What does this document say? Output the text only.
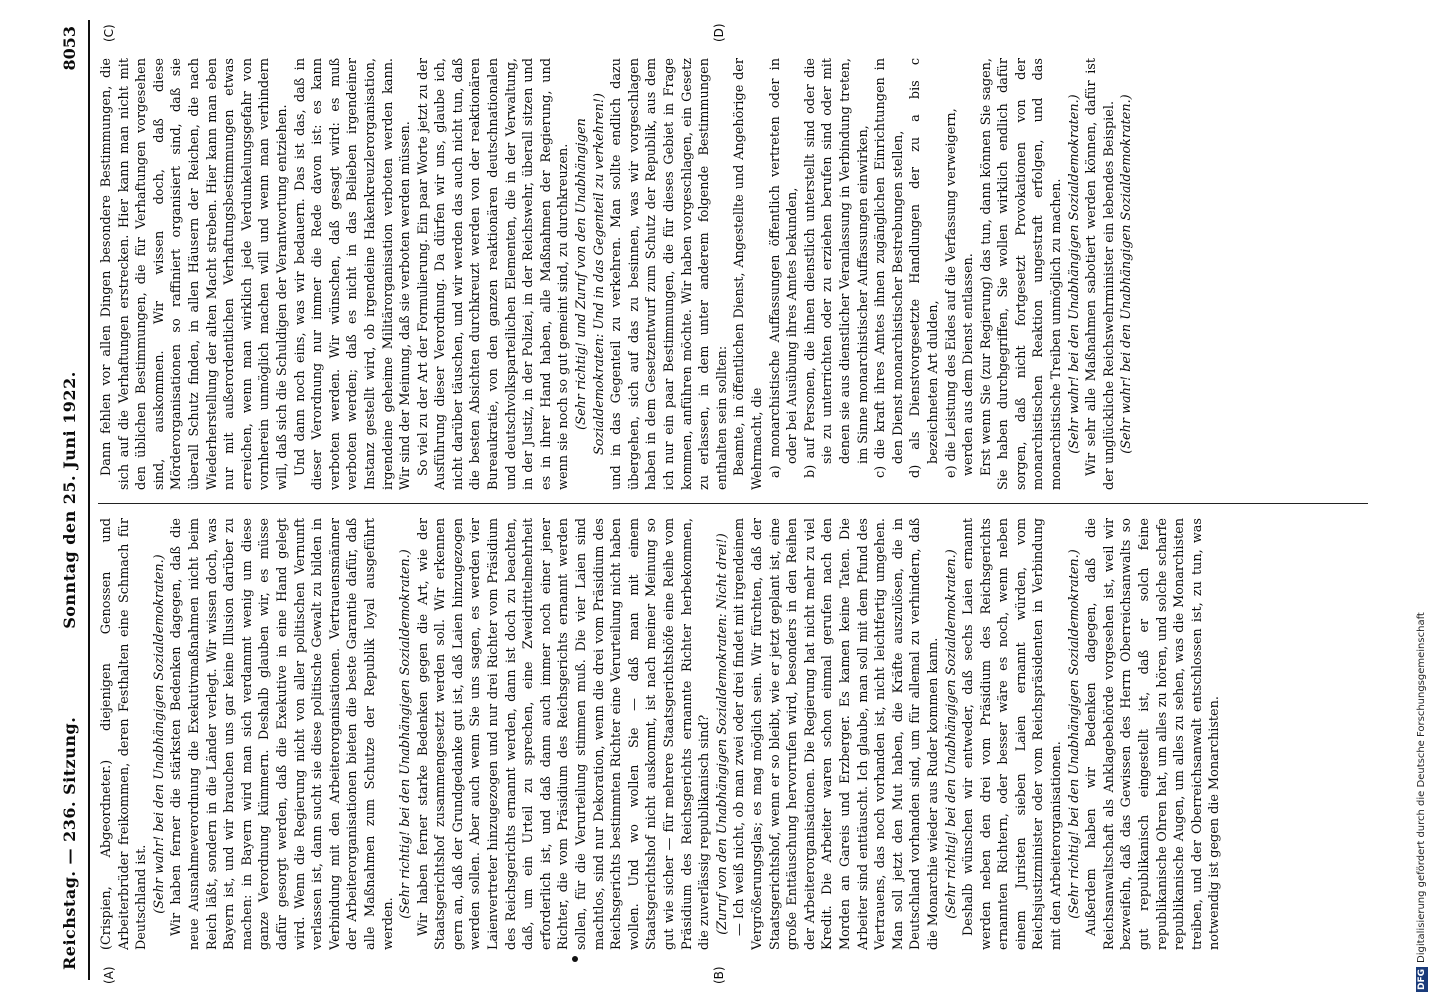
Reichstag. — 236. Sitzung.
Sonntag den 25. Juni 1922.
8053
(A)	(B)
(C)	(D)

(Crispien, Abgeordneter.) diejenigen Genossen und Arbeiterbrüder freikommen, deren Festhalten eine Schmach für Deutschland ist. (Sehr wahr! bei den Unabhängigen Sozialdemokraten.) Wir haben ferner die stärksten Bedenken dagegen, daß die neue Ausnahmeverordnung die Exekutivmaßnahmen nicht beim Reich läßt, sondern in die Länder verlegt. Wir wissen doch, was Bayern ist, und wir brauchen uns gar keine Illusion darüber zu machen: in Bayern wird man sich verdammt wenig um diese ganze Verordnung kümmern. Deshalb glauben wir, es müsse dafür gesorgt werden, daß die Exekutive in eine Hand gelegt wird. Wenn die Regierung nicht von aller politischen Vernunft verlassen ist, dann sucht sie diese politische Gewalt zu bilden in Verbindung mit den Arbeiterorganisationen. Vertrauensmänner der Arbeiterorganisationen bieten die beste Garantie dafür, daß alle Maßnahmen zum Schutze der Republik loyal ausgeführt werden.

(Sehr richtig! bei den Unabhängigen Sozialdemokraten.) Wir haben ferner starke Bedenken gegen die Art, wie der Staatsgerichtshof zusammengesetzt werden soll. Wir erkennen gern an, daß der Grundgedanke gut ist, daß Laien hinzugezogen werden sollen. Aber auch wenn Sie uns sagen, es werden vier Laienvertreter hinzugezogen und nur drei Richter vom Präsidium des Reichsgerichts ernannt werden, dann ist doch zu beachten, daß, um ein Urteil zu sprechen, eine Zweidrittelmehrheit erforderlich ist, und daß dann auch immer noch einer jener Richter, die vom Präsidium des Reichsgerichts ernannt werden sollen, für die Verurteilung stimmen muß. Die vier Laien sind machtlos, sind nur Dekoration, wenn die drei vom Präsidium des Reichsgerichts bestimmten Richter eine Verurteilung nicht haben wollen. Und wo wollen Sie — daß man mit einem Staatsgerichtshof nicht auskommt, ist nach meiner Meinung so gut wie sicher — für mehrere Staatsgerichtshöfe eine Reihe vom Präsidium des Reichsgerichts ernannte Richter herbekommen, die zuverlässig republikanisch sind? (Zuruf von den Unabhängigen Sozialdemokraten: Nicht drei!) — Ich weiß nicht, ob man zwei oder drei findet mit irgendeinem Vergrößerungsglas; es mag möglich sein. Wir fürchten, daß der Staatsgerichtshof, wenn er so bleibt, wie er jetzt geplant ist, eine große Enttäuschung hervorrufen wird, besonders in den Reihen der Arbeiterorganisationen. Die Regierung hat nicht mehr zu viel Kredit. Die Arbeiter waren schon einmal gerufen nach den Morden an Gareis und Erzberger. Es kamen keine Taten. Die Arbeiter sind enttäuscht. Ich glaube, man soll mit dem Pfund des Vertrauens, das noch vorhanden ist, nicht leichtfertig umgehen. Man soll jetzt den Mut haben, die Kräfte auszulösen, die in Deutschland vorhanden sind, um für allemal zu verhindern, daß die Monarchie wieder aus Ruder kommen kann. (Sehr richtig! bei den Unabhängigen Sozialdemokraten.) Deshalb wünschen wir entweder, daß sechs Laien ernannt werden neben den drei vom Präsidium des Reichsgerichts ernannten Richtern, oder besser wäre es noch, wenn neben einem Juristen sieben Laien ernannt würden, vom Reichsjustizminister oder vom Reichspräsidenten in Verbindung mit den Arbeiterorganisationen. (Sehr richtig! bei den Unabhängigen Sozialdemokraten.) Außerdem haben wir Bedenken dagegen, daß die Reichsanwaltschaft als Anklagebehörde vorgesehen ist, weil wir bezweifeln, daß das Gewissen des Herrn Oberreichsanwalts so gut republikanisch eingestellt ist, daß er solch feine republikanische Ohren hat, um alles zu hören, und solche scharfe republikanische Augen, um alles zu sehen, was die Monarchisten treiben, und der Oberreichsanwalt entschlossen ist, zu tun, was notwendig ist gegen die Monarchisten.

Dann fehlen vor allen Dingen besondere Bestimmungen, die sich auf die Verhaftungen erstrecken. Hier kann man nicht mit den üblichen Bestimmungen, die für Verhaftungen vorgesehen sind, auskommen. Wir wissen doch, daß diese Mörderorganisationen so raffiniert organisiert sind, daß sie überall Schutz finden, in allen Häusern der Reichen, die nach Wiederherstellung der alten Macht streben. Hier kann man eben nur mit außerordentlichen Verhaftungsbestimmungen etwas erreichen, wenn man wirklich jede Verdunkelungsgefahr von vornherein unmöglich machen will und wenn man verhindern will, daß sich die Schuldigen der Verantwortung entziehen. Und dann noch eins, was wir bedauern. Das ist das, daß in dieser Verordnung nur immer die Rede davon ist: es kann verboten werden. Wir wünschen, daß gesagt wird: es muß verboten werden; daß es nicht in das Belieben irgendeiner Instanz gestellt wird, ob irgendeine Hakenkreuzlerorganisation, irgendeine geheime Militärorganisation verboten werden kann. Wir sind der Meinung, daß sie verboten werden müssen. So viel zu der Art der Formulierung. Ein paar Worte jetzt zu der Ausführung dieser Verordnung. Da dürfen wir uns, glaube ich, nicht darüber täuschen, und wir werden das auch nicht tun, daß die besten Absichten durchkreuzt werden von der reaktionären Bureaukratie, von den ganzen reaktionären deutschnationalen und deutschvolksparteilichen Elementen, die in der Verwaltung, in der Justiz, in der Polizei, in der Reichswehr, überall sitzen und es in ihrer Hand haben, alle Maßnahmen der Regierung, und wenn sie noch so gut gemeint sind, zu durchkreuzen. (Sehr richtig! und Zuruf von den Unabhängigen Sozialdemokraten: Und in das Gegenteil zu verkehren!) und in das Gegenteil zu verkehren. Man sollte endlich dazu übergehen, sich auf das zu besinnen, was wir vorgeschlagen haben in dem Gesetzentwurf zum Schutz der Republik, aus dem ich nur ein paar Bestimmungen, die für dieses Gebiet in Frage kommen, anführen möchte. Wir haben vorgeschlagen, ein Gesetz zu erlassen, in dem unter anderem folgende Bestimmungen enthalten sein sollten: Beamte, in öffentlichen Dienst, Angestellte und Angehörige der Wehrmacht, die a) monarchistische Auffassungen öffentlich vertreten oder in oder bei Ausübung ihres Amtes bekunden, b) auf Personen, die ihnen dienstlich unterstellt sind oder die sie zu unterrichten oder zu erziehen berufen sind oder mit denen sie aus dienstlicher Veranlassung in Verbindung treten, im Sinne monarchistischer Auffassungen einwirken, c) die kraft ihres Amtes ihnen zugänglichen Einrichtungen in den Dienst monarchistischer Bestrebungen stellen, d) als Dienstvorgesetzte Handlungen der zu a bis c bezeichneten Art dulden, e) die Leistung des Eides auf die Verfassung verweigern, werden aus dem Dienst entlassen. Erst wenn Sie (zur Regierung) das tun, dann können Sie sagen, Sie haben durchgegriffen, Sie wollen wirklich endlich dafür sorgen, daß nicht fortgesetzt Provokationen von der monarchistischen Reaktion ungestraft erfolgen, und das monarchistische Treiben unmöglich zu machen. (Sehr wahr! bei den Unabhängigen Sozialdemokraten.) Wir sehr alle Maßnahmen sabotiert werden können, dafür ist der unglückliche Reichswehrminister ein lebendes Beispiel. (Sehr wahr! bei den Unabhängigen Sozialdemokraten.)

DFG
Digitalisierung gefördert durch die Deutsche Forschungsgemeinschaft
